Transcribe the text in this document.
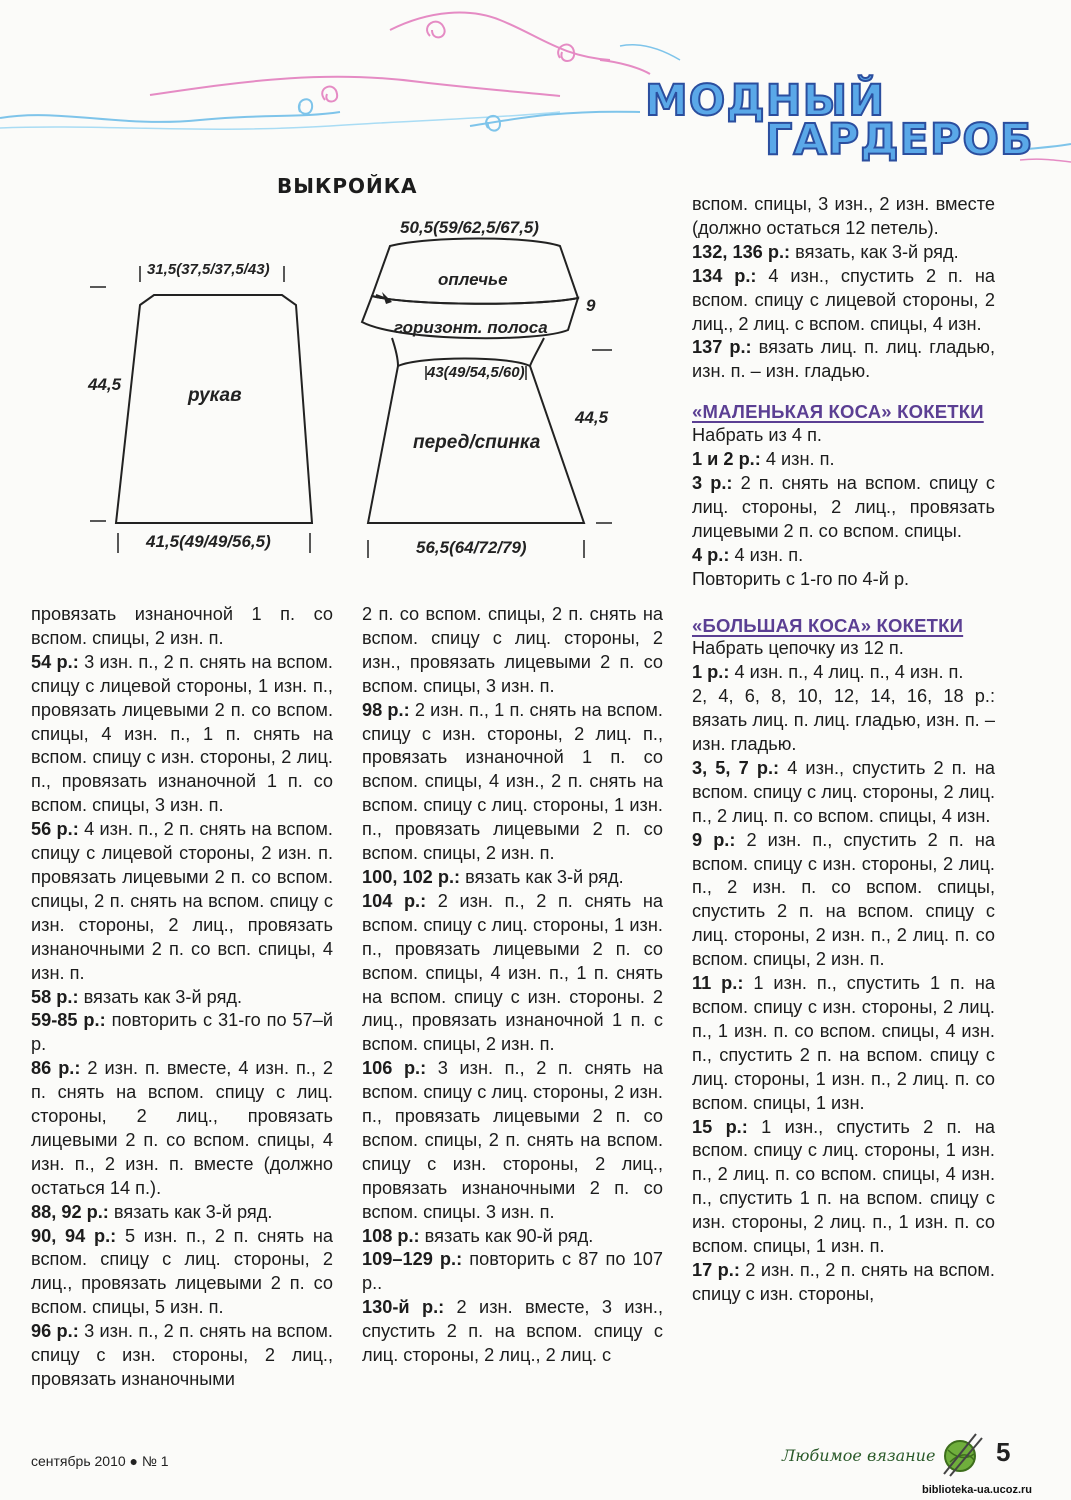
МОДНЫЙ
ГАРДЕРОБ
ВЫКРОЙКА
31,5(37,5/37,5/43)
44,5
рукав
41,5(49/49/56,5)
50,5(59/62,5/67,5)
оплечье
9
горизонт. полоса
43(49/54,5/60)
44,5
перед/спинка
56,5(64/72/79)

провязать изнаночной 1 п. со вспом. спицы, 2 изн. п.

54 р.: 3 изн. п., 2 п. снять на вспом. спицу с лицевой стороны, 1 изн. п., провязать лицевыми 2 п. со вспом. спицы, 4 изн. п., 1 п. снять на вспом. спицу с изн. стороны, 2 лиц. п., провязать изнаночной 1 п. со вспом. спицы, 3 изн. п.

56 р.: 4 изн. п., 2 п. снять на вспом. спицу с лицевой стороны, 2 изн. п. провязать лицевыми 2 п. со вспом. спицы, 2 п. снять на вспом. спицу с изн. стороны, 2 лиц., провязать изнаночными 2 п. со всп. спицы, 4 изн. п.

58 р.: вязать как 3-й ряд.

59-85 р.: повторить с 31-го по 57–й р.

86 р.: 2 изн. п. вместе, 4 изн. п., 2 п. снять на вспом. спицу с лиц. стороны, 2 лиц., провязать лицевыми 2 п. со вспом. спицы, 4 изн. п., 2 изн. п. вместе (должно остаться 14 п.).

88, 92 р.: вязать как 3-й ряд.

90, 94 р.: 5 изн. п., 2 п. снять на вспом. спицу с лиц. стороны, 2 лиц., провязать лицевыми 2 п. со вспом. спицы, 5 изн. п.

96 р.: 3 изн. п., 2 п. снять на вспом. спицу с изн. стороны, 2 лиц., провязать изнаночными

2 п. со вспом. спицы, 2 п. снять на вспом. спицу с лиц. стороны, 2 изн., провязать лицевыми 2 п. со вспом. спицы, 3 изн. п.

98 р.: 2 изн. п., 1 п. снять на вспом. спицу с изн. стороны, 2 лиц. п., провязать изнаночной 1 п. со вспом. спицы, 4 изн., 2 п. снять на вспом. спицу с лиц. стороны, 1 изн. п., провязать лицевыми 2 п. со вспом. спицы, 2 изн. п.

100, 102 р.: вязать как 3-й ряд.

104 р.: 2 изн. п., 2 п. снять на вспом. спицу с лиц. стороны, 1 изн. п., провязать лицевыми 2 п. со вспом. спицы, 4 изн. п., 1 п. снять на вспом. спицу с изн. стороны. 2 лиц., провязать изнаночной 1 п. с вспом. спицы, 2 изн. п.

106 р.: 3 изн. п., 2 п. снять на вспом. спицу с лиц. стороны, 2 изн. п., провязать лицевыми 2 п. со вспом. спицы, 2 п. снять на вспом. спицу с изн. стороны, 2 лиц., провязать изнаночными 2 п. со вспом. спицы. 3 изн. п.

108 р.: вязать как 90-й ряд.

109–129 р.: повторить с 87 по 107 р..

130-й р.: 2 изн. вместе, 3 изн., спустить 2 п. на вспом. спицу с лиц. стороны, 2 лиц., 2 лиц. с

вспом. спицы, 3 изн., 2 изн. вместе (должно остаться 12 петель).

132, 136 р.: вязать, как 3-й ряд.

134 р.: 4 изн., спустить 2 п. на вспом. спицу с лицевой стороны, 2 лиц., 2 лиц. с вспом. спицы, 4 изн.

137 р.: вязать лиц. п. лиц. гладью, изн. п. – изн. гладью.

«МАЛЕНЬКАЯ КОСА» КОКЕТКИ

Набрать из 4 п.

1 и 2 р.: 4 изн. п.

3 р.: 2 п. снять на вспом. спицу с лиц. стороны, 2 лиц., провязать лицевыми 2 п. со вспом. спицы.

4 р.: 4 изн. п.

Повторить с 1-го по 4-й р.

«БОЛЬШАЯ КОСА» КОКЕТКИ

Набрать цепочку из 12 п.

1 р.: 4 изн. п., 4 лиц. п., 4 изн. п.

2, 4, 6, 8, 10, 12, 14, 16, 18 р.: вязать лиц. п. лиц. гладью, изн. п. – изн. гладью.

3, 5, 7 р.: 4 изн., спустить 2 п. на вспом. спицу с лиц. стороны, 2 лиц. п., 2 лиц. п. со вспом. спицы, 4 изн.

9 р.: 2 изн. п., спустить 2 п. на вспом. спицу с изн. стороны, 2 лиц. п., 2 изн. п. со вспом. спицы, спустить 2 п. на вспом. спицу с лиц. стороны, 2 изн. п., 2 лиц. п. со вспом. спицы, 2 изн. п.

11 р.: 1 изн. п., спустить 1 п. на вспом. спицу с изн. стороны, 2 лиц. п., 1 изн. п. со вспом. спицы, 4 изн. п., спустить 2 п. на вспом. спицу с лиц. стороны, 1 изн. п., 2 лиц. п. со вспом. спицы, 1 изн.

15 р.: 1 изн., спустить 2 п. на вспом. спицу с лиц. стороны, 1 изн. п., 2 лиц. п. со вспом. спицы, 4 изн. п., спустить 1 п. на вспом. спицу с изн. стороны, 2 лиц. п., 1 изн. п. со вспом. спицы, 1 изн. п.

17 р.: 2 изн. п., 2 п. снять на вспом. спицу с изн. стороны,

сентябрь 2010 ● № 1	Любимое вязание 5
biblioteka-ua.ucoz.ru
